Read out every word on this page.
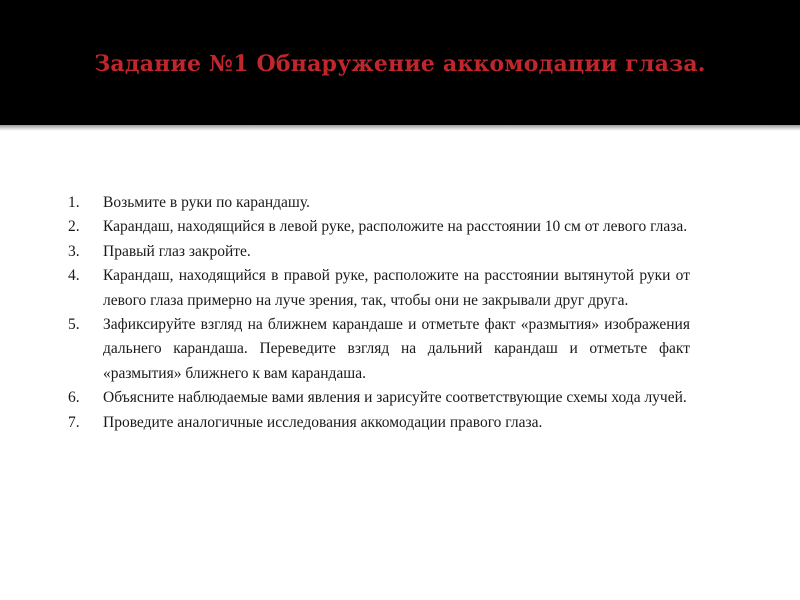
Задание №1 Обнаружение аккомодации глаза.
1.	Возьмите в руки по карандашу.
2.	Карандаш, находящийся в левой руке, расположите на расстоянии 10 см от левого глаза.
3.	Правый глаз закройте.
4.	Карандаш, находящийся в правой руке, расположите на расстоянии вытянутой руки от левого глаза примерно на луче зрения, так, чтобы они не закрывали друг друга.
5.	Зафиксируйте взгляд на ближнем карандаше и отметьте факт «размытия» изображения дальнего карандаша. Переведите взгляд на дальний карандаш и отметьте факт «размытия» ближнего к вам карандаша.
6.	Объясните наблюдаемые вами явления и зарисуйте соответствующие схемы хода лучей.
7.	Проведите аналогичные исследования аккомодации правого глаза.
